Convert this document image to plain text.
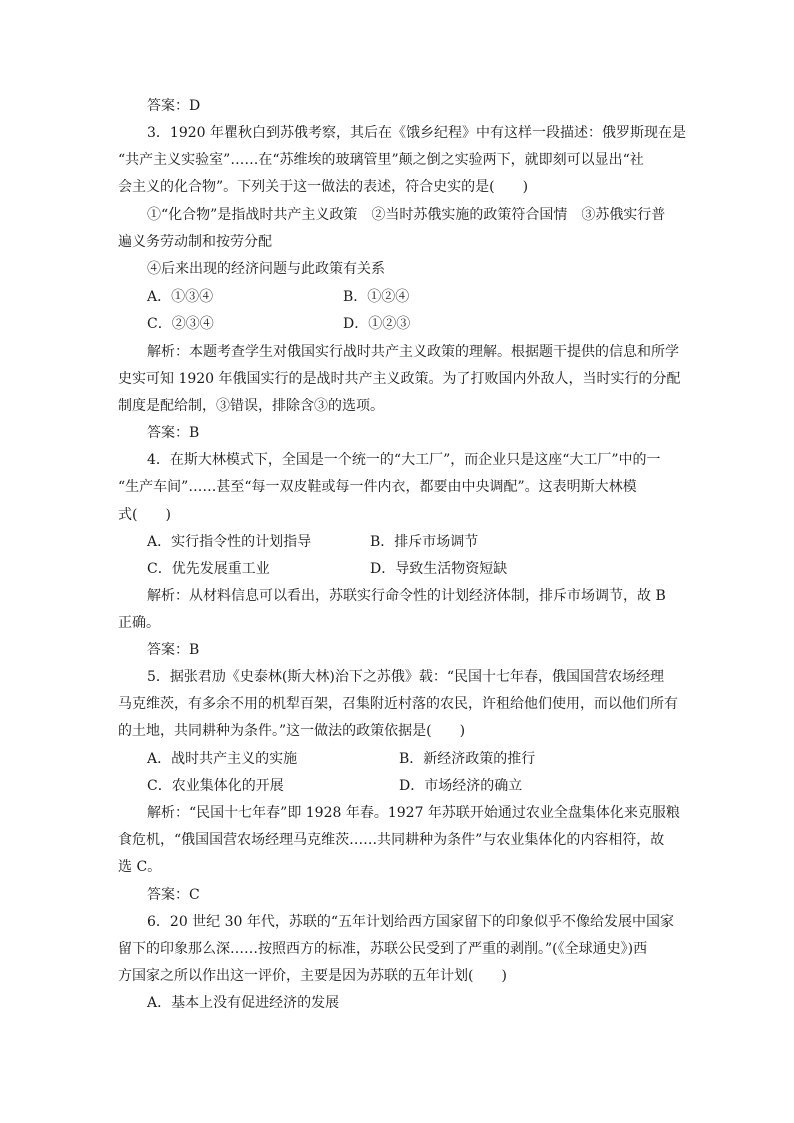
答案：D
3．1920 年瞿秋白到苏俄考察，其后在《饿乡纪程》中有这样一段描述：俄罗斯现在是
“共产主义实验室”……在“苏维埃的玻璃管里”颠之倒之实验两下，就即刻可以显出“社
会主义的化合物”。下列关于这一做法的表述，符合史实的是(　　)
①“化合物”是指战时共产主义政策　②当时苏俄实施的政策符合国情　③苏俄实行普
遍义务劳动制和按劳分配
④后来出现的经济问题与此政策有关系
A．①③④	B．①②④
C．②③④	D．①②③
解析：本题考查学生对俄国实行战时共产主义政策的理解。根据题干提供的信息和所学
史实可知 1920 年俄国实行的是战时共产主义政策。为了打败国内外敌人，当时实行的分配
制度是配给制，③错误，排除含③的选项。
答案：B
4．在斯大林模式下，全国是一个统一的“大工厂”，而企业只是这座“大工厂”中的一
“生产车间”……甚至“每一双皮鞋或每一件内衣，都要由中央调配”。这表明斯大林模
式(　　)
A．实行指令性的计划指导	B．排斥市场调节
C．优先发展重工业	D．导致生活物资短缺
解析：从材料信息可以看出，苏联实行命令性的计划经济体制，排斥市场调节，故 B
正确。
答案：B
5．据张君劢《史泰林(斯大林)治下之苏俄》载：“民国十七年春，俄国国营农场经理
马克维茨，有多余不用的机犁百架，召集附近村落的农民，许租给他们使用，而以他们所有
的土地，共同耕种为条件。”这一做法的政策依据是(　　)
A．战时共产主义的实施	B．新经济政策的推行
C．农业集体化的开展	D．市场经济的确立
解析：“民国十七年春”即 1928 年春。1927 年苏联开始通过农业全盘集体化来克服粮
食危机，“俄国国营农场经理马克维茨……共同耕种为条件”与农业集体化的内容相符，故
选 C。
答案：C
6．20 世纪 30 年代，苏联的“五年计划给西方国家留下的印象似乎不像给发展中国家
留下的印象那么深……按照西方的标准，苏联公民受到了严重的剥削。”(《全球通史》)西
方国家之所以作出这一评价，主要是因为苏联的五年计划(　　)
A．基本上没有促进经济的发展
